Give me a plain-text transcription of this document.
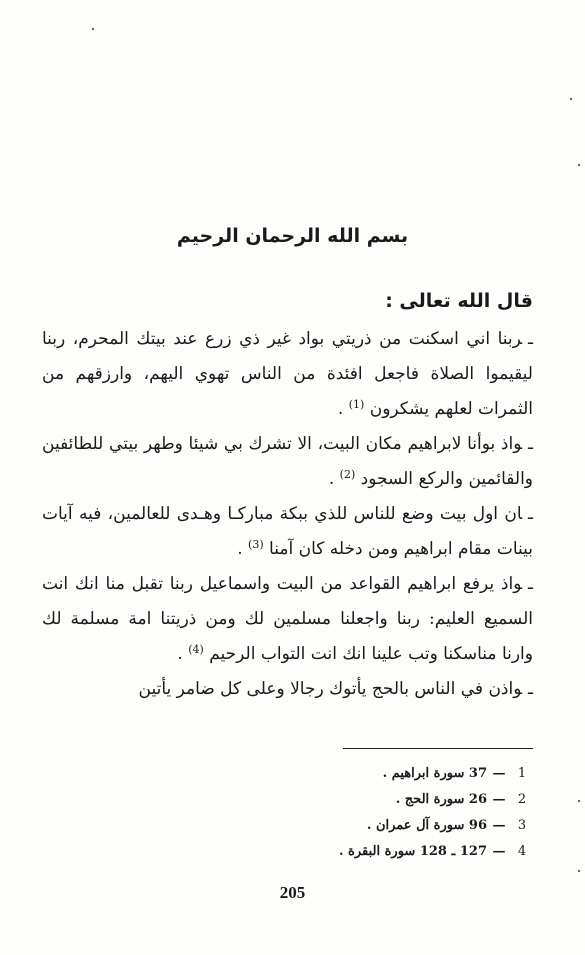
بسم الله الرحمان الرحيم
قال الله تعالى :

ـربنا اني اسكنت من ذريتي بواد غير ذي زرع عند بيتك المحرم، ربنا ليقيموا الصلاة فاجعل افئدة من الناس تهوي اليهم، وارزقهم من الثمرات لعلهم يشكرون $^{(1)}$ .

ـواذ بوأنا لابراهيم مكان البيت، الا تشرك بي شيئا وطهر بيتي للطائفين والقائمين والركع السجود $^{(2)}$ .

ـان اول بيت وضع للناس للذي ببكة مباركـا وهـدى للعالمين، فيه آيات بينات مقام ابراهيم ومن دخله كان آمنا $^{(3)}$ .

ـواذ يرفع ابراهيم القواعد من البيت واسماعيل ربنا تقبل منا انك انت السميع العليم: ربنا واجعلنا مسلمين لك ومن ذريتنا امة مسلمة لك وارنا مناسكنا وتب علينا انك انت التواب الرحيم $^{(4)}$ .

ـواذن في الناس بالحج يأتوك رجالا وعلى كل ضامر يأتين

1
—
37 سورة ابراهيم .
2
—
26 سورة الحج .
3
—
96 سورة آل عمران .
4
—
127 ـ 128 سورة البقرة .
205
